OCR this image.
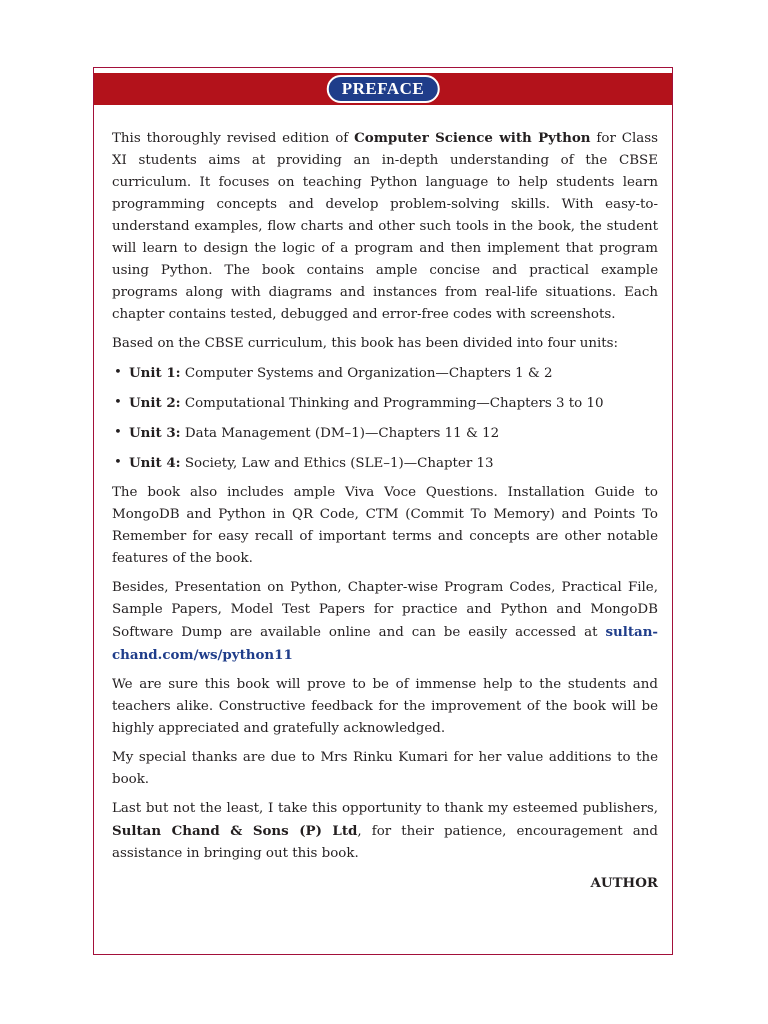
PREFACE

This thoroughly revised edition of Computer Science with Python for Class XI students aims at providing an in-depth understanding of the CBSE curriculum. It focuses on teaching Python language to help students learn programming concepts and develop problem-solving skills. With easy-to-understand examples, flow charts and other such tools in the book, the student will learn to design the logic of a program and then implement that program using Python. The book contains ample concise and practical example programs along with diagrams and instances from real-life situations. Each chapter contains tested, debugged and error-free codes with screenshots.

Based on the CBSE curriculum, this book has been divided into four units:

• Unit 1: Computer Systems and Organization—Chapters 1 & 2
• Unit 2: Computational Thinking and Programming—Chapters 3 to 10
• Unit 3: Data Management (DM–1)—Chapters 11 & 12
• Unit 4: Society, Law and Ethics (SLE–1)—Chapter 13

The book also includes ample Viva Voce Questions. Installation Guide to MongoDB and Python in QR Code, CTM (Commit To Memory) and Points To Remember for easy recall of important terms and concepts are other notable features of the book.

Besides, Presentation on Python, Chapter-wise Program Codes, Practical File, Sample Papers, Model Test Papers for practice and Python and MongoDB Software Dump are available online and can be easily accessed at sultan-chand.com/ws/python11

We are sure this book will prove to be of immense help to the students and teachers alike. Constructive feedback for the improvement of the book will be highly appreciated and gratefully acknowledged.

My special thanks are due to Mrs Rinku Kumari for her value additions to the book.

Last but not the least, I take this opportunity to thank my esteemed publishers, Sultan Chand & Sons (P) Ltd, for their patience, encouragement and assistance in bringing out this book.

AUTHOR
